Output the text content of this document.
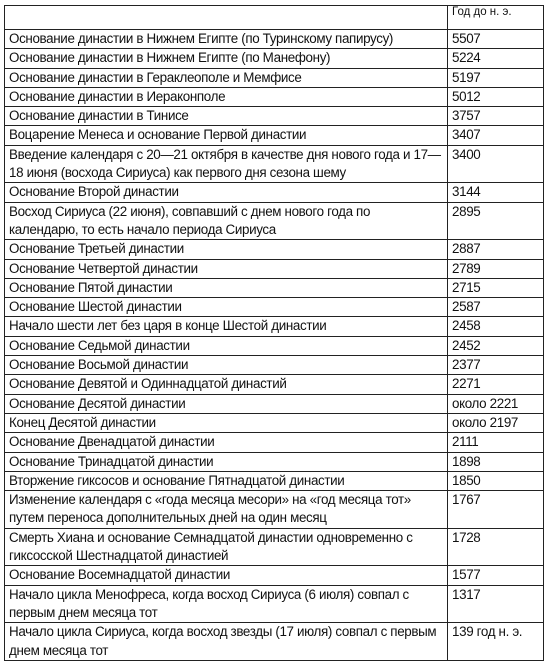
	Год до н. э.
Основание династии в Нижнем Египте (по Туринскому папирусу)	5507
Основание династии в Нижнем Египте (по Манефону)	5224
Основание династии в Гераклеополе и Мемфисе	5197
Основание династии в Иераконполе	5012
Основание династии в Тинисе	3757
Воцарение Менеса и основание Первой династии	3407
Введение календаря с 20—21 октября в качестве дня нового года и 17—18 июня (восхода Сириуса) как первого дня сезона шему	3400
Основание Второй династии	3144
Восход Сириуса (22 июня), совпавший с днем нового года по календарю, то есть начало периода Сириуса	2895
Основание Третьей династии	2887
Основание Четвертой династии	2789
Основание Пятой династии	2715
Основание Шестой династии	2587
Начало шести лет без царя в конце Шестой династии	2458
Основание Седьмой династии	2452
Основание Восьмой династии	2377
Основание Девятой и Одиннадцатой династий	2271
Основание Десятой династии	около 2221
Конец Десятой династии	около 2197
Основание Двенадцатой династии	2111
Основание Тринадцатой династии	1898
Вторжение гиксосов и основание Пятнадцатой династии	1850
Изменение календаря с «года месяца месори» на «год месяца тот» путем переноса дополнительных дней на один месяц	1767
Смерть Хиана и основание Семнадцатой династии одновременно с гиксосской Шестнадцатой династией	1728
Основание Восемнадцатой династии	1577
Начало цикла Менофреса, когда восход Сириуса (6 июля) совпал с первым днем месяца тот	1317
Начало цикла Сириуса, когда восход звезды (17 июля) совпал с первым днем месяца тот	139 год н. э.
